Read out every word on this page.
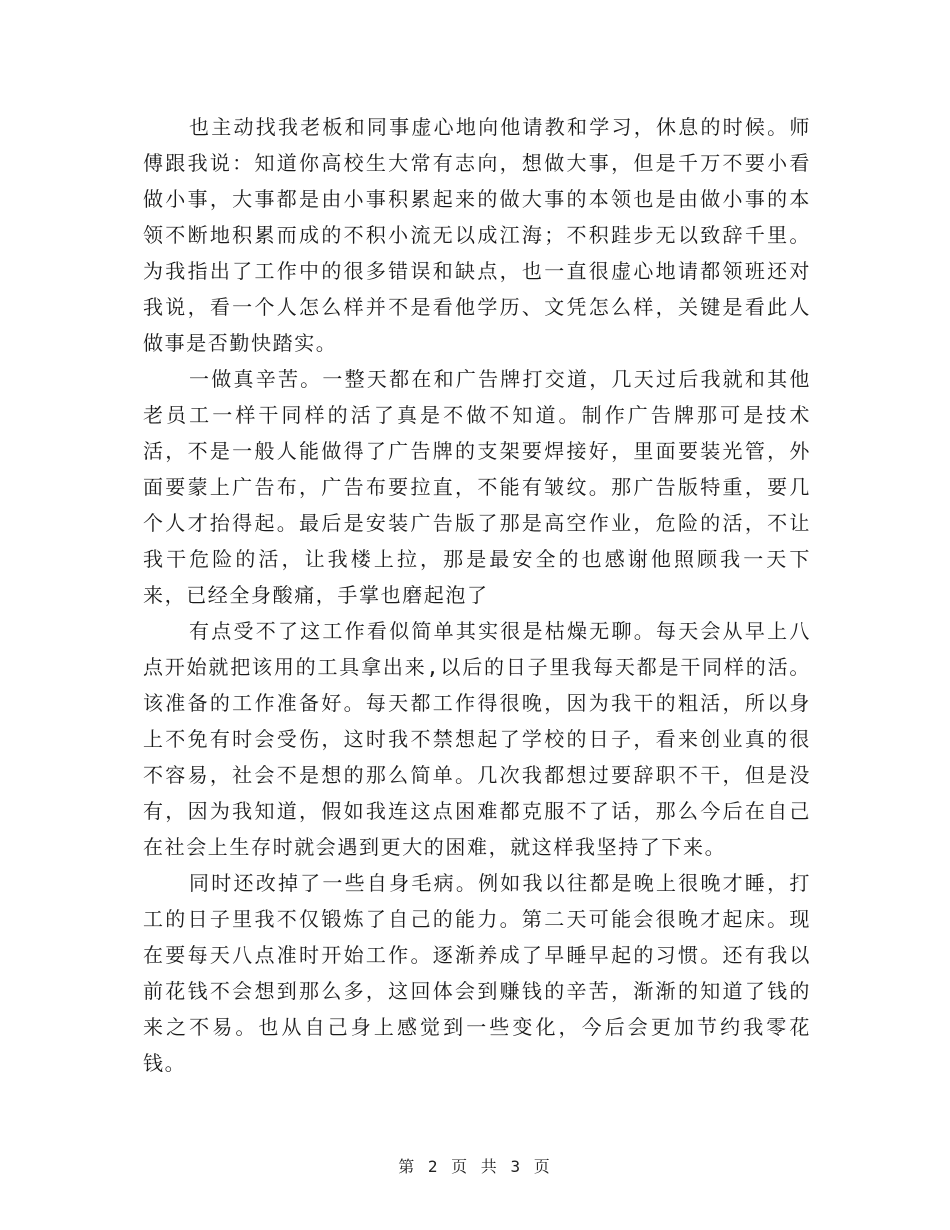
也主动找我老板和同事虚心地向他请教和学习，休息的时候。师傅跟我说：知道你高校生大常有志向，想做大事，但是千万不要小看做小事，大事都是由小事积累起来的做大事的本领也是由做小事的本领不断地积累而成的不积小流无以成江海；不积跬步无以致辞千里。为我指出了工作中的很多错误和缺点，也一直很虚心地请都领班还对我说，看一个人怎么样并不是看他学历、文凭怎么样，关键是看此人做事是否勤快踏实。

一做真辛苦。一整天都在和广告牌打交道，几天过后我就和其他老员工一样干同样的活了真是不做不知道。制作广告牌那可是技术活，不是一般人能做得了广告牌的支架要焊接好，里面要装光管，外面要蒙上广告布，广告布要拉直，不能有皱纹。那广告版特重，要几个人才抬得起。最后是安装广告版了那是高空作业，危险的活，不让我干危险的活，让我楼上拉，那是最安全的也感谢他照顾我一天下来，已经全身酸痛，手掌也磨起泡了

有点受不了这工作看似简单其实很是枯燥无聊。每天会从早上八点开始就把该用的工具拿出来,以后的日子里我每天都是干同样的活。该准备的工作准备好。每天都工作得很晚，因为我干的粗活，所以身上不免有时会受伤，这时我不禁想起了学校的日子，看来创业真的很不容易，社会不是想的那么简单。几次我都想过要辞职不干，但是没有，因为我知道，假如我连这点困难都克服不了话，那么今后在自己在社会上生存时就会遇到更大的困难，就这样我坚持了下来。

同时还改掉了一些自身毛病。例如我以往都是晚上很晚才睡，打工的日子里我不仅锻炼了自己的能力。第二天可能会很晚才起床。现在要每天八点准时开始工作。逐渐养成了早睡早起的习惯。还有我以前花钱不会想到那么多，这回体会到赚钱的辛苦，渐渐的知道了钱的来之不易。也从自己身上感觉到一些变化，今后会更加节约我零花钱。

第 2 页 共 3 页
